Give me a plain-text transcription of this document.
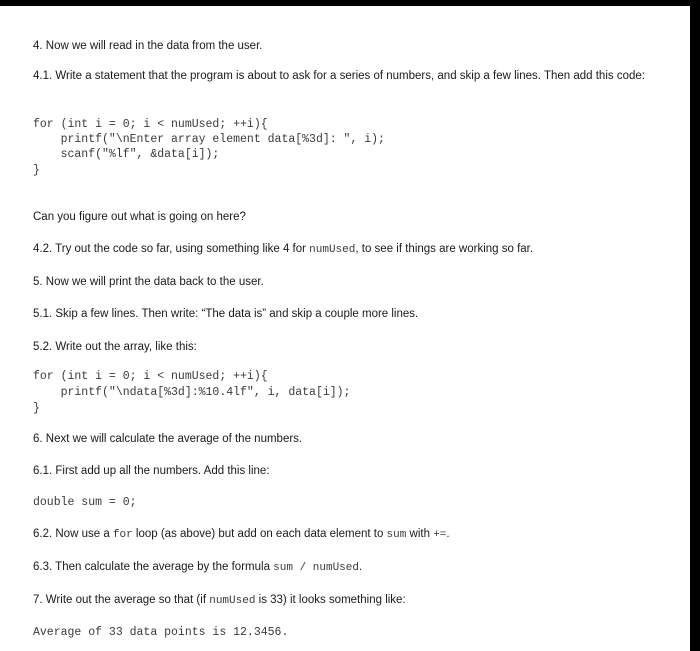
4. Now we will read in the data from the user.

4.1. Write a statement that the program is about to ask for a series of numbers, and skip a few lines. Then add this code:

for (int i = 0; i < numUsed; ++i){
printf("\nEnter array element data[%3d]: ", i);
scanf("%lf", &data[i]);
}

Can you figure out what is going on here?

4.2. Try out the code so far, using something like 4 for numUsed, to see if things are working so far.

5. Now we will print the data back to the user.

5.1. Skip a few lines. Then write: “The data is” and skip a couple more lines.

5.2. Write out the array, like this:

for (int i = 0; i < numUsed; ++i){
printf("\ndata[%3d]:%10.4lf", i, data[i]);
}

6. Next we will calculate the average of the numbers.

6.1. First add up all the numbers. Add this line:

double sum = 0;

6.2. Now use a for loop (as above) but add on each data element to sum with +=.

6.3. Then calculate the average by the formula sum / numUsed.

7. Write out the average so that (if numUsed is 33) it looks something like:

Average of 33 data points is 12.3456.
